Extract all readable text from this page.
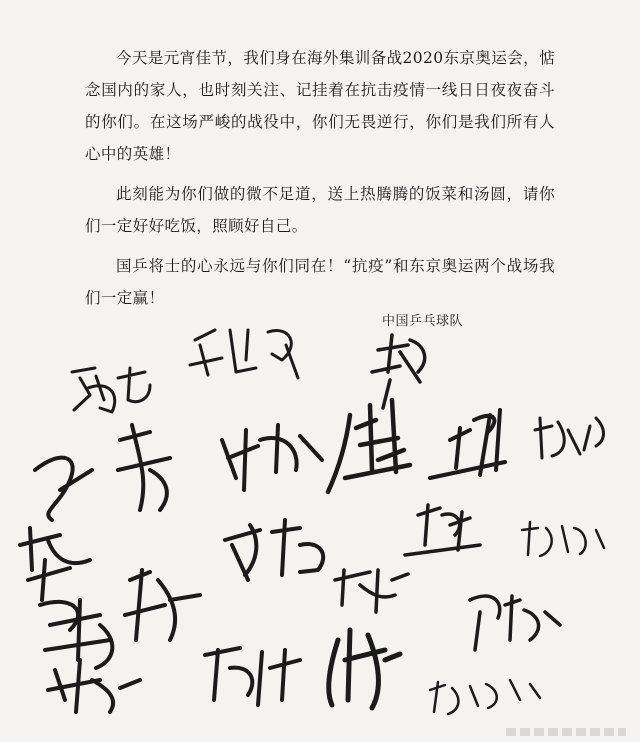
今天是元宵佳节，我们身在海外集训备战2020东京奥运会，惦念国内的家人，也时刻关注、记挂着在抗击疫情一线日日夜夜奋斗的你们。在这场严峻的战役中，你们无畏逆行，你们是我们所有人心中的英雄！

此刻能为你们做的微不足道，送上热腾腾的饭菜和汤圆，请你们一定好好吃饭，照顾好自己。

国乒将士的心永远与你们同在！“抗疫”和东京奥运两个战场我们一定赢！

中国乒乓球队
